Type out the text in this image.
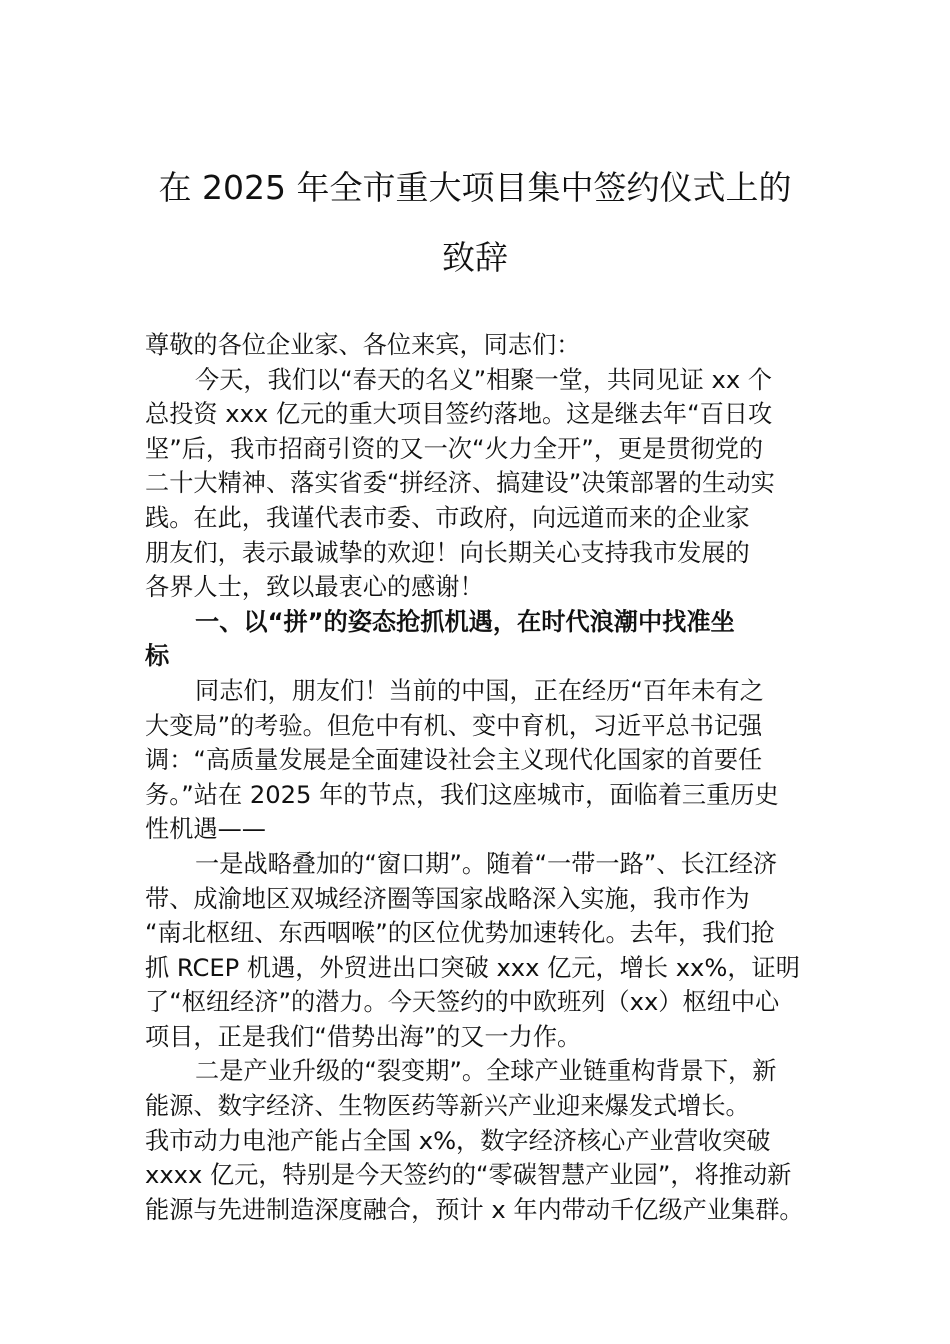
在 2025 年全市重大项目集中签约仪式上的
致辞
尊敬的各位企业家、各位来宾，同志们：
今天，我们以“春天的名义”相聚一堂，共同见证 xx 个
总投资 xxx 亿元的重大项目签约落地。这是继去年“百日攻
坚”后，我市招商引资的又一次“火力全开”，更是贯彻党的
二十大精神、落实省委“拼经济、搞建设”决策部署的生动实
践。在此，我谨代表市委、市政府，向远道而来的企业家
朋友们，表示最诚挚的欢迎！向长期关心支持我市发展的
各界人士，致以最衷心的感谢！
一、以“拼”的姿态抢抓机遇，在时代浪潮中找准坐
标
同志们，朋友们！当前的中国，正在经历“百年未有之
大变局”的考验。但危中有机、变中育机，习近平总书记强
调：“高质量发展是全面建设社会主义现代化国家的首要任
务。”站在 2025 年的节点，我们这座城市，面临着三重历史
性机遇——
一是战略叠加的“窗口期”。随着“一带一路”、长江经济
带、成渝地区双城经济圈等国家战略深入实施，我市作为
“南北枢纽、东西咽喉”的区位优势加速转化。去年，我们抢
抓 RCEP 机遇，外贸进出口突破 xxx 亿元，增长 xx%，证明
了“枢纽经济”的潜力。今天签约的中欧班列（xx）枢纽中心
项目，正是我们“借势出海”的又一力作。
二是产业升级的“裂变期”。全球产业链重构背景下，新
能源、数字经济、生物医药等新兴产业迎来爆发式增长。
我市动力电池产能占全国 x%，数字经济核心产业营收突破
xxxx 亿元，特别是今天签约的“零碳智慧产业园”，将推动新
能源与先进制造深度融合，预计 x 年内带动千亿级产业集群。
